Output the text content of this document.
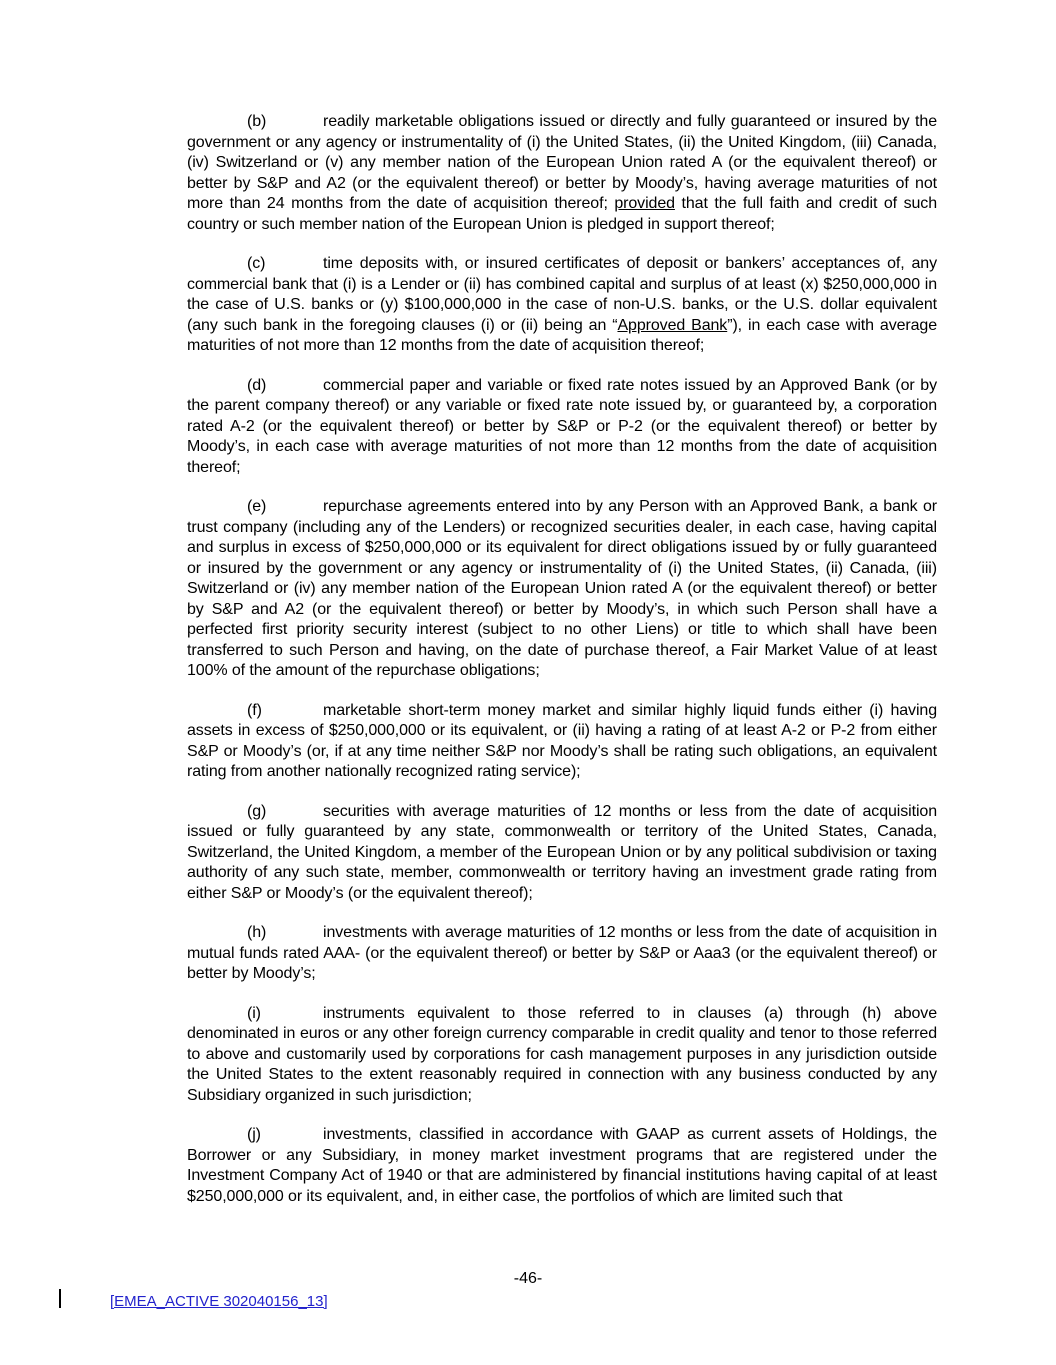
(b)	readily marketable obligations issued or directly and fully guaranteed or insured by the government or any agency or instrumentality of (i) the United States, (ii) the United Kingdom, (iii) Canada, (iv) Switzerland or (v) any member nation of the European Union rated A (or the equivalent thereof) or better by S&P and A2 (or the equivalent thereof) or better by Moody’s, having average maturities of not more than 24 months from the date of acquisition thereof; provided that the full faith and credit of such country or such member nation of the European Union is pledged in support thereof;

(c)	time deposits with, or insured certificates of deposit or bankers’ acceptances of, any commercial bank that (i) is a Lender or (ii) has combined capital and surplus of at least (x) $250,000,000 in the case of U.S. banks or (y) $100,000,000 in the case of non-U.S. banks, or the U.S. dollar equivalent (any such bank in the foregoing clauses (i) or (ii) being an “Approved Bank”), in each case with average maturities of not more than 12 months from the date of acquisition thereof;

(d)	commercial paper and variable or fixed rate notes issued by an Approved Bank (or by the parent company thereof) or any variable or fixed rate note issued by, or guaranteed by, a corporation rated A-2 (or the equivalent thereof) or better by S&P or P-2 (or the equivalent thereof) or better by Moody’s, in each case with average maturities of not more than 12 months from the date of acquisition thereof;

(e)	repurchase agreements entered into by any Person with an Approved Bank, a bank or trust company (including any of the Lenders) or recognized securities dealer, in each case, having capital and surplus in excess of $250,000,000 or its equivalent for direct obligations issued by or fully guaranteed or insured by the government or any agency or instrumentality of (i) the United States, (ii) Canada, (iii) Switzerland or (iv) any member nation of the European Union rated A (or the equivalent thereof) or better by S&P and A2 (or the equivalent thereof) or better by Moody’s, in which such Person shall have a perfected first priority security interest (subject to no other Liens) or title to which shall have been transferred to such Person and having, on the date of purchase thereof, a Fair Market Value of at least 100% of the amount of the repurchase obligations;

(f)	marketable short-term money market and similar highly liquid funds either (i) having assets in excess of $250,000,000 or its equivalent, or (ii) having a rating of at least A-2 or P-2 from either S&P or Moody’s (or, if at any time neither S&P nor Moody’s shall be rating such obligations, an equivalent rating from another nationally recognized rating service);

(g)	securities with average maturities of 12 months or less from the date of acquisition issued or fully guaranteed by any state, commonwealth or territory of the United States, Canada, Switzerland, the United Kingdom, a member of the European Union or by any political subdivision or taxing authority of any such state, member, commonwealth or territory having an investment grade rating from either S&P or Moody’s (or the equivalent thereof);

(h)	investments with average maturities of 12 months or less from the date of acquisition in mutual funds rated AAA- (or the equivalent thereof) or better by S&P or Aaa3 (or the equivalent thereof) or better by Moody’s;

(i)	instruments equivalent to those referred to in clauses (a) through (h) above denominated in euros or any other foreign currency comparable in credit quality and tenor to those referred to above and customarily used by corporations for cash management purposes in any jurisdiction outside the United States to the extent reasonably required in connection with any business conducted by any Subsidiary organized in such jurisdiction;

(j)	investments, classified in accordance with GAAP as current assets of Holdings, the Borrower or any Subsidiary, in money market investment programs that are registered under the Investment Company Act of 1940 or that are administered by financial institutions having capital of at least $250,000,000 or its equivalent, and, in either case, the portfolios of which are limited such that

-46-
[EMEA_ACTIVE 302040156_13]
